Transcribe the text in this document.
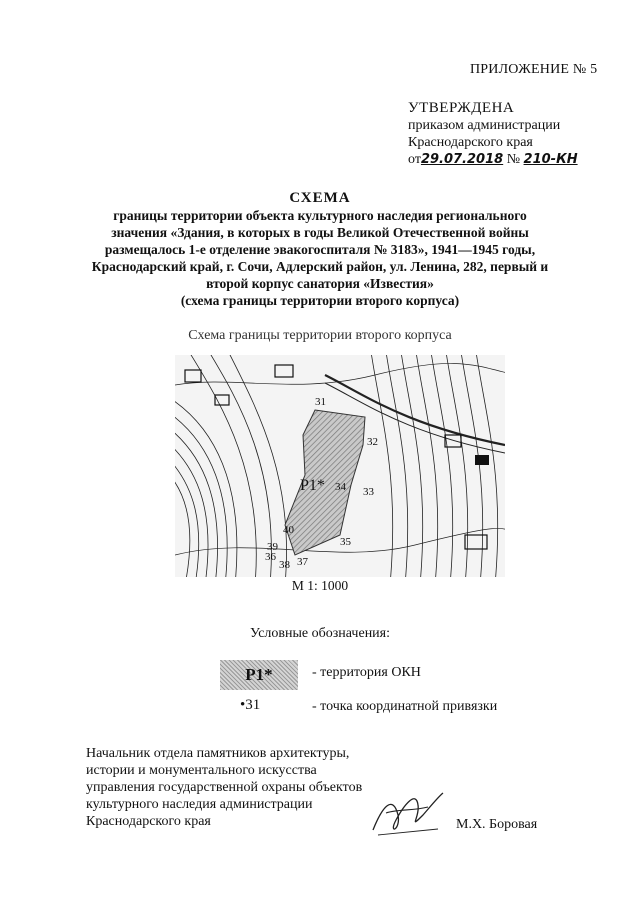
ПРИЛОЖЕНИЕ № 5
УТВЕРЖДЕНА
приказом администрации
Краснодарского края
от29.07.2018 № 210-КН
СХЕМА
границы территории объекта культурного наследия регионального
значения «Здания, в которых в годы Великой Отечественной войны
размещалось 1-е отделение эвакогоспиталя № 3183», 1941—1945 годы,
Краснодарский край, г. Сочи, Адлерский район, ул. Ленина, 282, первый и
второй корпус санатория «Известия»
(схема границы территории второго корпуса)
Схема границы территории второго корпуса
Р1*
31
32
33
34
35
36 37
38
39
40
М 1: 1000
Условные обозначения:
Р1*	- территория ОКН
•31	- точка координатной привязки
Начальник отдела памятников архитектуры,
истории и монументального искусства
управления государственной охраны объектов
культурного наследия администрации
Краснодарского края	М.Х. Боровая
